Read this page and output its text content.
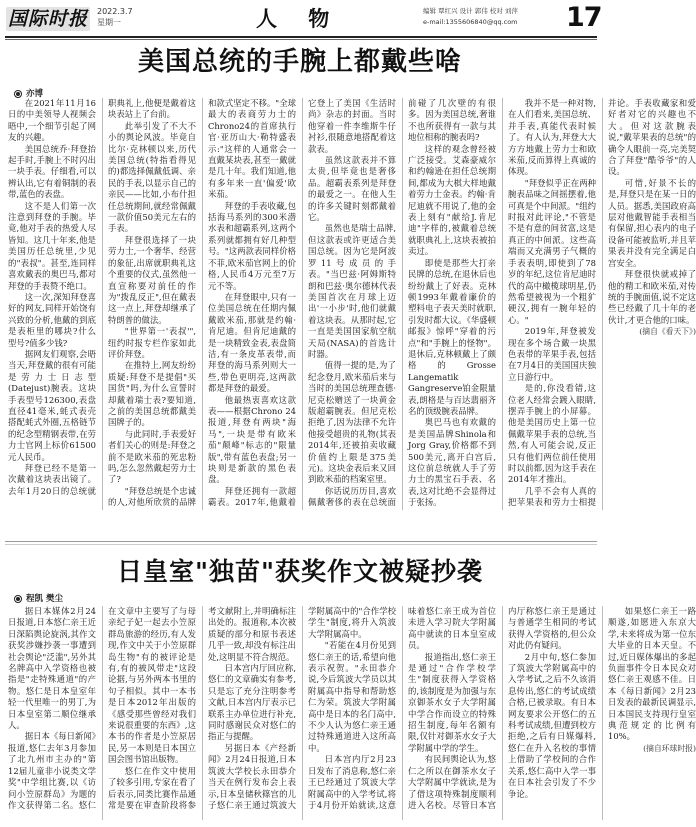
国际时报 2022.3.7
星期一	人 物	编辑 覃红兴 设计 郭伟 校对 刘萍
e-mail:1355606840@qq.com	17
美国总统的手腕上都戴些啥
亦博

在2021年11月16日的中美领导人视频会晤中,一个细节引起了网友的兴趣。

美国总统乔·拜登抬起手时,手腕上不时闪出一块手表。仔细看,可以辨认出,它有着铜制的表带,蓝色的表盘。

这不是人们第一次注意到拜登的手腕。毕竟,他对手表的热爱人尽皆知。这几十年来,他是美国历任总统里,少见的"表叔"。甚至,连同样喜欢戴表的奥巴马,都对拜登的手表赞不绝口。

这一次,深知拜登喜好的网友,同样开始饶有兴致的分析,他戴的到底是表柜里的哪块?什么型号?值多少钱?

据网友们观察,会晤当天,拜登戴的很有可能是劳力士日志型(Datejust)腕表。这块手表型号126300,表盘直径41毫米,蚝式表壳搭配蚝式外圈,五格链节的纪念型精钢表带,在劳力士官网上标价61500元人民币。

拜登已经不是第一次戴着这块表出镜了。去年1月20日的总统就职典礼上,他便是戴着这块表站上了台前。

此举引发了不大不小的舆论风波。毕竟自比尔·克林顿以来,历代美国总统(特指看得见的)都选择佩戴低调、亲民的手表,以显示自己的亲民——比如,小布什担任总统期间,就经常佩戴一款价值50美元左右的手表。

拜登很选择了一块劳力士,一个奢华、经营的象征,出席就职典礼这个重要的仪式,虽然他一直宣称要对前任的作为"拨乱反正",但在戴表这一点上,拜登却继承了特朗普的做法。

"世界第一'表叔'",纽约时报专栏作家如此评价拜登。

在推特上,网友纷纷质疑:拜登不是提倡"买国货"吗,为什么宣誓时却戴着瑞士表?要知道,之前的美国总统都戴美国牌子的。

与此同时,手表爱好者们关心的则是:拜登之前不是欧米茄的死忠粉吗,怎么忽然戴起劳力士了?

"拜登总统是个忠诚的人,对他所欣赏的品牌和款式坚定不移。"全球最大的表商劳力士的Chrono24的首席执行官·亚历山大·勒特盛表示:"这样的人通常会一直戴某块表,甚至一戴就是几十年。我们知道,他有多年来一直'偏爱'欧米茄。

拜登的手表收藏,包括海马系列的300米潜水表和超霸系列,这两个系列就都拥有好几种型号。"这两款表同样价格不菲,欧米茄官网上的价格,人民币4万元至7万元不等。

在拜登眼中,只有一位美国总统在任期内佩戴欧米茄,那就是约翰·肯尼迪。但肯尼迪戴的是一块精致金表,表盘简洁,有一条皮革表带,而拜登的海马系列则大一些,带色更明亮,这两款都是拜登的最爱。

他最热衷喜欢这款表——根据Chrono 24报道,拜登有两块"海马",一块是带有欧米茄"颠峰"标志的"限量版",带有蓝色表盘;另一块则是新款的黑色表盘。

拜登还拥有一款超霸表。2017年,他戴着它登上了美国《生活时尚》杂志的封面。当时他穿着一件李维斯牛仔衬衫,很随意地搭配着这款表。

虽然这款表并不算太贵,但毕竟也是奢侈品。超霸表系列是拜登的最爱之一。在他人生的许多关键时刻都戴着它。

虽然也是瑞士品牌,但这款表或许更适合美国总统。因为它是阿波罗11号成员的手表。"当巴兹·阿姆斯特朗和巴兹·奥尔德林代表美国首次在月球上迈出'一小步'时,他们就戴着这块表。从那时起,它一直是美国国家航空航天局(NASA)的首选计时器。

值得一提的是,为了纪念登月,欧米茄后来与当时的美国总统理查德·尼克松赠送了一块黄金版超霸腕表。但尼克松拒绝了,因为法律不允许他接受超贵的礼物(其表2014年,还被拍卖收藏价值约上限是375美元)。这块金表后来又回到欧米茄的档案室里。

你话说历历目,喜欢佩戴奢侈的表在总统面前碰了几次壁的有很多。因为美国总统,奢谁不也所获得有一款与其地位相称的腕表吗?

这样的观念曾经被广泛接受。艾森豪威尔和约翰逊在担任总统期间,都成为大棋大样地戴着劳力士金表。约翰·肯尼迪就不用说了,他的金表上刻有"献给J.肯尼迪"字样的,被戴着总统就职典礼上,这块表被拍卖过。

即使是那些大打亲民牌的总统,在退休后也纷纷戴上了好表。克林顿1993年戴着廉价的塑料电子表天美时就职,引发时都大议。《华盛顿邮报》惊呼"穿着的污点"和"手腕上的怪物"。退休后,克林顿戴上了颇格的Grosse Langematik Gangreserve铂金限量表,朗格是与百达翡丽齐名的顶级腕表品牌。

奥巴马也有欢戴的是美国品牌Shinola和Jorg Gray,价格都不到500美元,离开白宫后,这位前总统就人手了劳力士的黑宝石手表、名表,这对比绝不会显得过于张扬。

我并不是一种对物,在人们看来,美国总统、并手表,真能代表时候了。有人认为,拜登大大方方地戴上劳力士和欧米茄,反而算得上真诚的体现。

"拜登似乎正在两种腕表品味之间摇摆着,他可真是个中间派。"组约时报对此评论,"不管是不是有意的间贫富,这是真正的中间派。这些高端而又充满男子气概的手表表明,即使到了78岁的年纪,这位肯尼迪时代的高中橄榄球明星,仍然希望被视为一个粗犷硬汉,拥有一腕年轻的心。"

2019年,拜登被发现在多个场合戴一块黑色表带的苹果手表,包括在7月4日的美国国庆独立日游行中。

是的,你没看错,这位老人经常会踱入眼睛,摆弄手腕上的小屏幕。他是美国历史上第一位佩戴苹果手表的总统,当然,有人可能会说,反正只有他们两位前任使用时以前都,因为这手表在2014年才推出。

几乎不会有人真的把苹果表和劳力士相提并论。手表收藏家和爱好者对它的兴趣也不大。但对这款腕表说,"戴苹果表的总统"的确令人眼前一亮,完美契合了拜登"酷爷爷"的人设。

可惜,好景不长的是,拜登只是在某一日的人员。据悉,美国政府高层对他戴智能手表相当有保留,担心表内的电子设备可能被监听,并且苹果表并没有完全满足白宫安全。

拜登很快就戒掉了他的精工和欧米茄,对传统的手腕面值,说不定这些已经戴了几十年的老伙计,才更合他的口味。

(摘自《看天下》)

日皇室"独苗"获奖作文被疑抄袭
程凯 樊尘

据日本媒体2月24日报道,日本悠仁亲王近日深陷舆论旋涡,其作文获奖涉嫌抄袭一事遭到社会舆论"泛滥",另外其名牌高中入学资格也被指是"走特殊通道"的产物。悠仁是日本皇室年轻一代里唯一的男丁,为日本皇室第二顺位继承人。

据日本《每日新闻》报道,悠仁去年3月参加了北九州市主办的"第12届儿童非小说类文学奖"中学组比赛,以《访问小笠原群岛》为题的作文获得第二名。悠仁在文章中主要写了与母亲纪子妃一起去小笠原群岛旅游的经历,有人发现,作文中关于小笠原群岛生物"有的被评论是有,有的被风带走"这段论据,与另外两本书里的句子相似。其中一本书是日本2012年出版的《感受那些曾经对我们来说很重要的东西》,这本书的作者是小笠原居民,另一本则是日本国立国会图书馆出版物。

悠仁在作文中使用了较多引用,专家在看了后表示,同类比赛作品通常是要在审查阶段将参考文献附上,并明确标注出处的。报道称,本次被质疑的部分和原书表述几乎一致,却没有标注出处,这明显不符合规范。

日本宫内厅回应称,悠仁的文章确实有参考,只是忘了充分注明参考文献,日本宫内厅表示已联系主办单位进行补充,同时感谢民众对悠仁的指正与提醒。

另据日本《产经新闻》2月24日报道,日本筑波大学校长永田恭介当天在例行发布会上表示,日本皇储秋篠宫的儿子悠仁亲王通过筑波大学附属高中的"合作学校学生"制度,将升入筑波大学附属高中。

"若能在4月份见到悠仁亲王的话,希望向他表示祝贺。"永田恭介说,今后筑波大学员以其附属高中指导和帮助悠仁为荣。筑波大学附属高中是日本的名门高中,不少人认为悠仁亲王通过特殊通道进入这所高中。

日本宫内厅2月23日发布了消息称,悠仁亲王已经通过了筑波大学附属高中的入学考试,将于4月份开始就读,这意味着悠仁亲王成为首位未进入学习院大学附属高中就读的日本皇室成员。

报道指出,悠仁亲王是通过"合作学校学生"制度获得入学资格的,该制度是为加强与东京御茶水女子大学附属中学合作而设立的特殊招生制度,每年名额有限,仅针对御茶水女子大学附属中学的学生。

有民间舆论认为,悠仁之所以在御茶水女子大学附属中学就读,是为了借这项特殊制度顺利进入名校。尽管日本宫内厅称悠仁亲王是通过与普通学生相同的考试获得入学资格的,但公众对此仍有疑问。

2月中旬,悠仁参加了筑波大学附属高中的入学考试,之后不久该消息传出,悠仁的考试成绩合格,已被录取。有日本网友要求公开悠仁的五科考试成绩,但遭到校方拒绝,之后有日媒爆料,悠仁在升入名校的事情上借助了学校间的合作关系,悠仁高中入学一事在日本社会引发了不少争论。

如果悠仁亲王一路顺遂,如愿进入东京大学,未来将成为第一位东大毕业的日本天皇。不过,近日媒体爆出的多起负面事件令日本民众对悠仁亲王观感不佳。日本《每日新闻》2月23日发表的最新民调显示,日本国民支持现行皇室典范规定的比例有10%。

(摘自环球时报)
